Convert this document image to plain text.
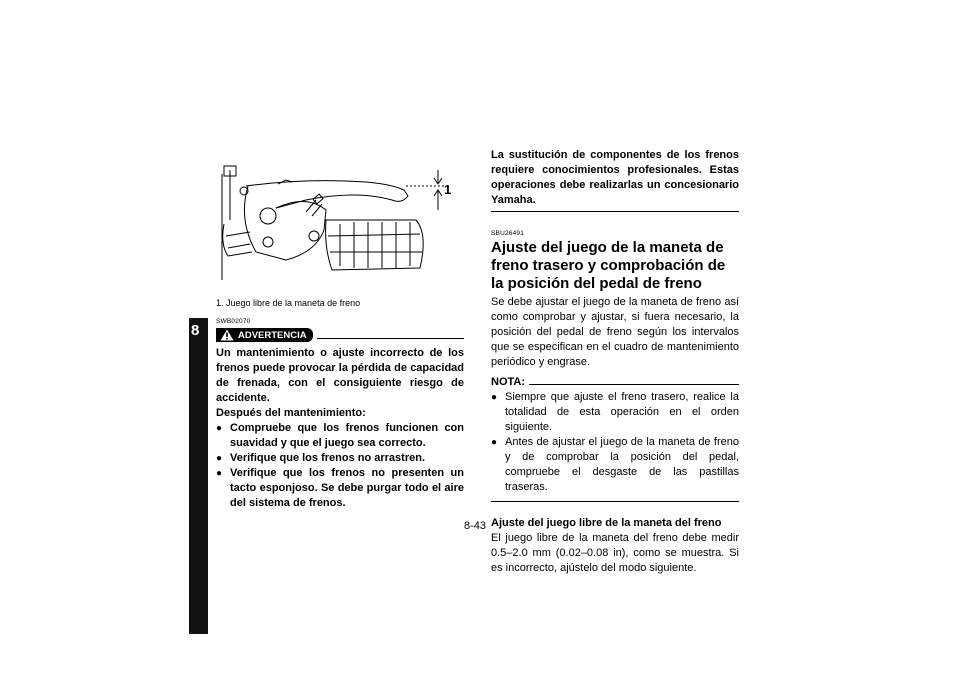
8
1
1. Juego libre de la maneta de freno
SWB02070
ADVERTENCIA
Un mantenimiento o ajuste incorrecto de los frenos puede provocar la pérdida de capacidad de frenada, con el consiguiente riesgo de accidente.
Después del mantenimiento:
● Compruebe que los frenos funcionen con suavidad y que el juego sea correcto.
● Verifique que los frenos no arrastren.
● Verifique que los frenos no presenten un tacto esponjoso. Se debe purgar todo el aire del sistema de frenos.
La sustitución de componentes de los frenos requiere conocimientos profesionales. Estas operaciones debe realizarlas un concesionario Yamaha.
SBU26491
Ajuste del juego de la maneta de freno trasero y comprobación de la posición del pedal de freno
Se debe ajustar el juego de la maneta de freno así como comprobar y ajustar, si fuera necesario, la posición del pedal de freno según los intervalos que se especifican en el cuadro de mantenimiento periódico y engrase.
NOTA:
● Siempre que ajuste el freno trasero, realice la totalidad de esta operación en el orden siguiente.
● Antes de ajustar el juego de la maneta de freno y de comprobar la posición del pedal, compruebe el desgaste de las pastillas traseras.
Ajuste del juego libre de la maneta del freno
El juego libre de la maneta del freno debe medir 0.5–2.0 mm (0.02–0.08 in), como se muestra. Si es incorrecto, ajústelo del modo siguiente.
8-43
